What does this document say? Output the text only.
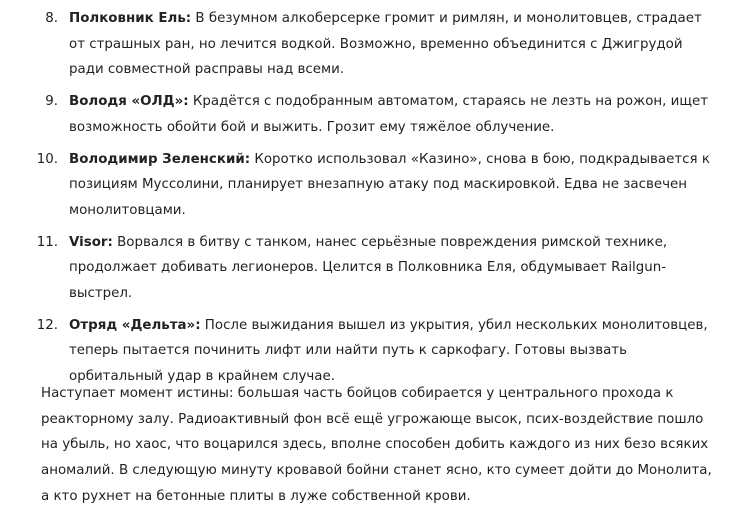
8. Полковник Ель: В безумном алкоберсерке громит и римлян, и монолитовцев, страдает от страшных ран, но лечится водкой. Возможно, временно объединится с Джигрудой ради совместной расправы над всеми.
9. Володя «ОЛД»: Крадётся с подобранным автоматом, стараясь не лезть на рожон, ищет возможность обойти бой и выжить. Грозит ему тяжёлое облучение.
10. Володимир Зеленский: Коротко использовал «Казино», снова в бою, подкрадывается к позициям Муссолини, планирует внезапную атаку под маскировкой. Едва не засвечен монолитовцами.
11. Visor: Ворвался в битву с танком, нанес серьёзные повреждения римской технике, продолжает добивать легионеров. Целится в Полковника Еля, обдумывает Railgun-выстрел.
12. Отряд «Дельта»: После выжидания вышел из укрытия, убил нескольких монолитовцев, теперь пытается починить лифт или найти путь к саркофагу. Готовы вызвать орбитальный удар в крайнем случае.

Наступает момент истины: большая часть бойцов собирается у центрального прохода к реакторному залу. Радиоактивный фон всё ещё угрожающе высок, псих-воздействие пошло на убыль, но хаос, что воцарился здесь, вполне способен добить каждого из них безо всяких аномалий. В следующую минуту кровавой бойни станет ясно, кто сумеет дойти до Монолита, а кто рухнет на бетонные плиты в луже собственной крови.
